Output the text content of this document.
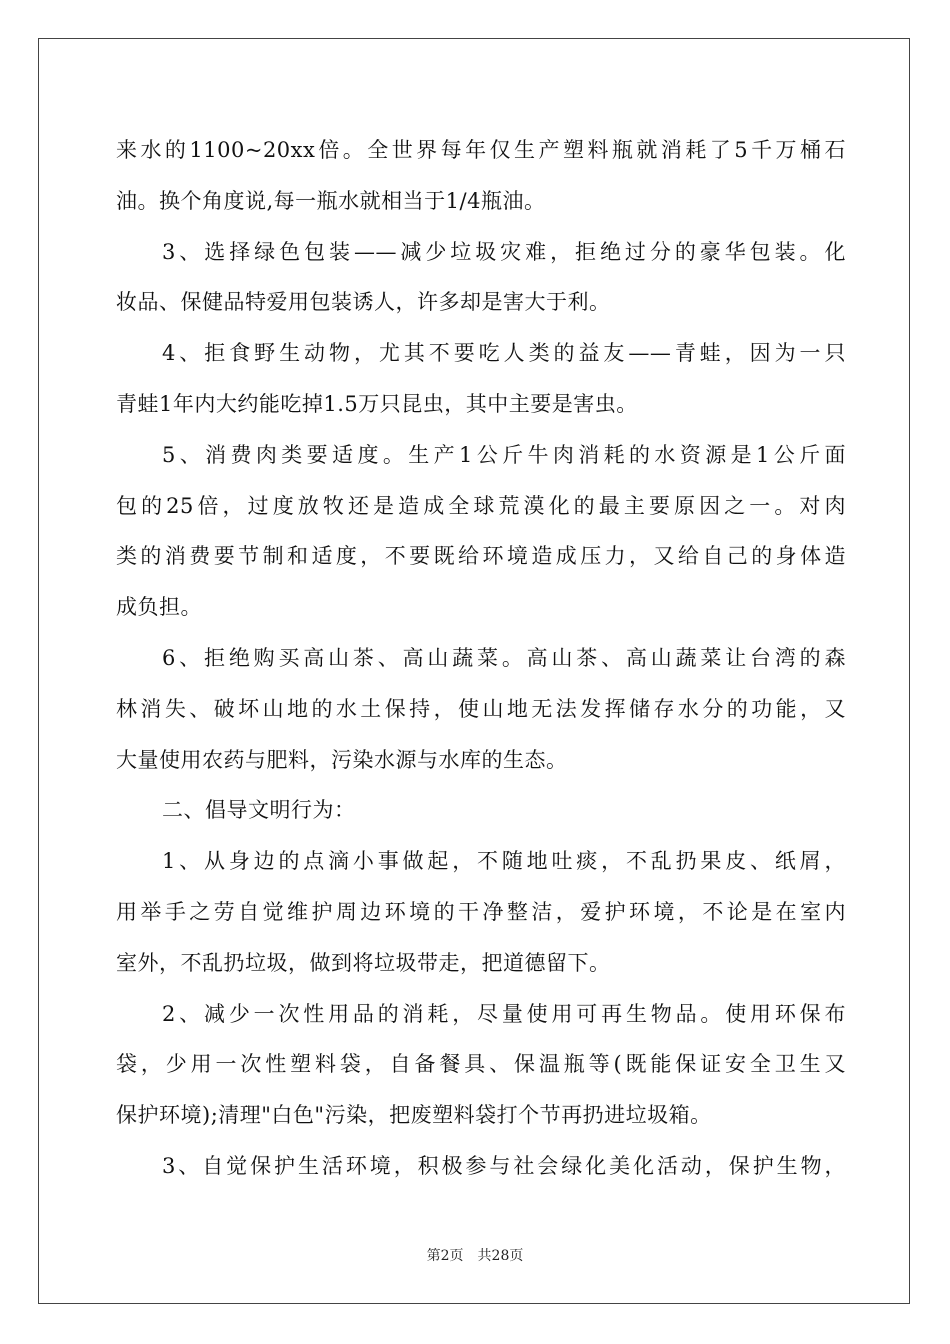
来水的1100~20xx倍。全世界每年仅生产塑料瓶就消耗了5千万桶石
油。换个角度说,每一瓶水就相当于1/4瓶油。
3、选择绿色包装——减少垃圾灾难，拒绝过分的豪华包装。化
妆品、保健品特爱用包装诱人，许多却是害大于利。
4、拒食野生动物，尤其不要吃人类的益友——青蛙，因为一只
青蛙1年内大约能吃掉1.5万只昆虫，其中主要是害虫。
5、消费肉类要适度。生产1公斤牛肉消耗的水资源是1公斤面
包的25倍，过度放牧还是造成全球荒漠化的最主要原因之一。对肉
类的消费要节制和适度，不要既给环境造成压力，又给自己的身体造
成负担。
6、拒绝购买高山茶、高山蔬菜。高山茶、高山蔬菜让台湾的森
林消失、破坏山地的水土保持，使山地无法发挥储存水分的功能，又
大量使用农药与肥料，污染水源与水库的生态。
二、倡导文明行为：
1、从身边的点滴小事做起，不随地吐痰，不乱扔果皮、纸屑，
用举手之劳自觉维护周边环境的干净整洁，爱护环境，不论是在室内
室外，不乱扔垃圾，做到将垃圾带走，把道德留下。
2、减少一次性用品的消耗，尽量使用可再生物品。使用环保布
袋，少用一次性塑料袋，自备餐具、保温瓶等(既能保证安全卫生又
保护环境);清理"白色"污染，把废塑料袋打个节再扔进垃圾箱。
3、自觉保护生活环境，积极参与社会绿化美化活动，保护生物，
第2页　共28页
